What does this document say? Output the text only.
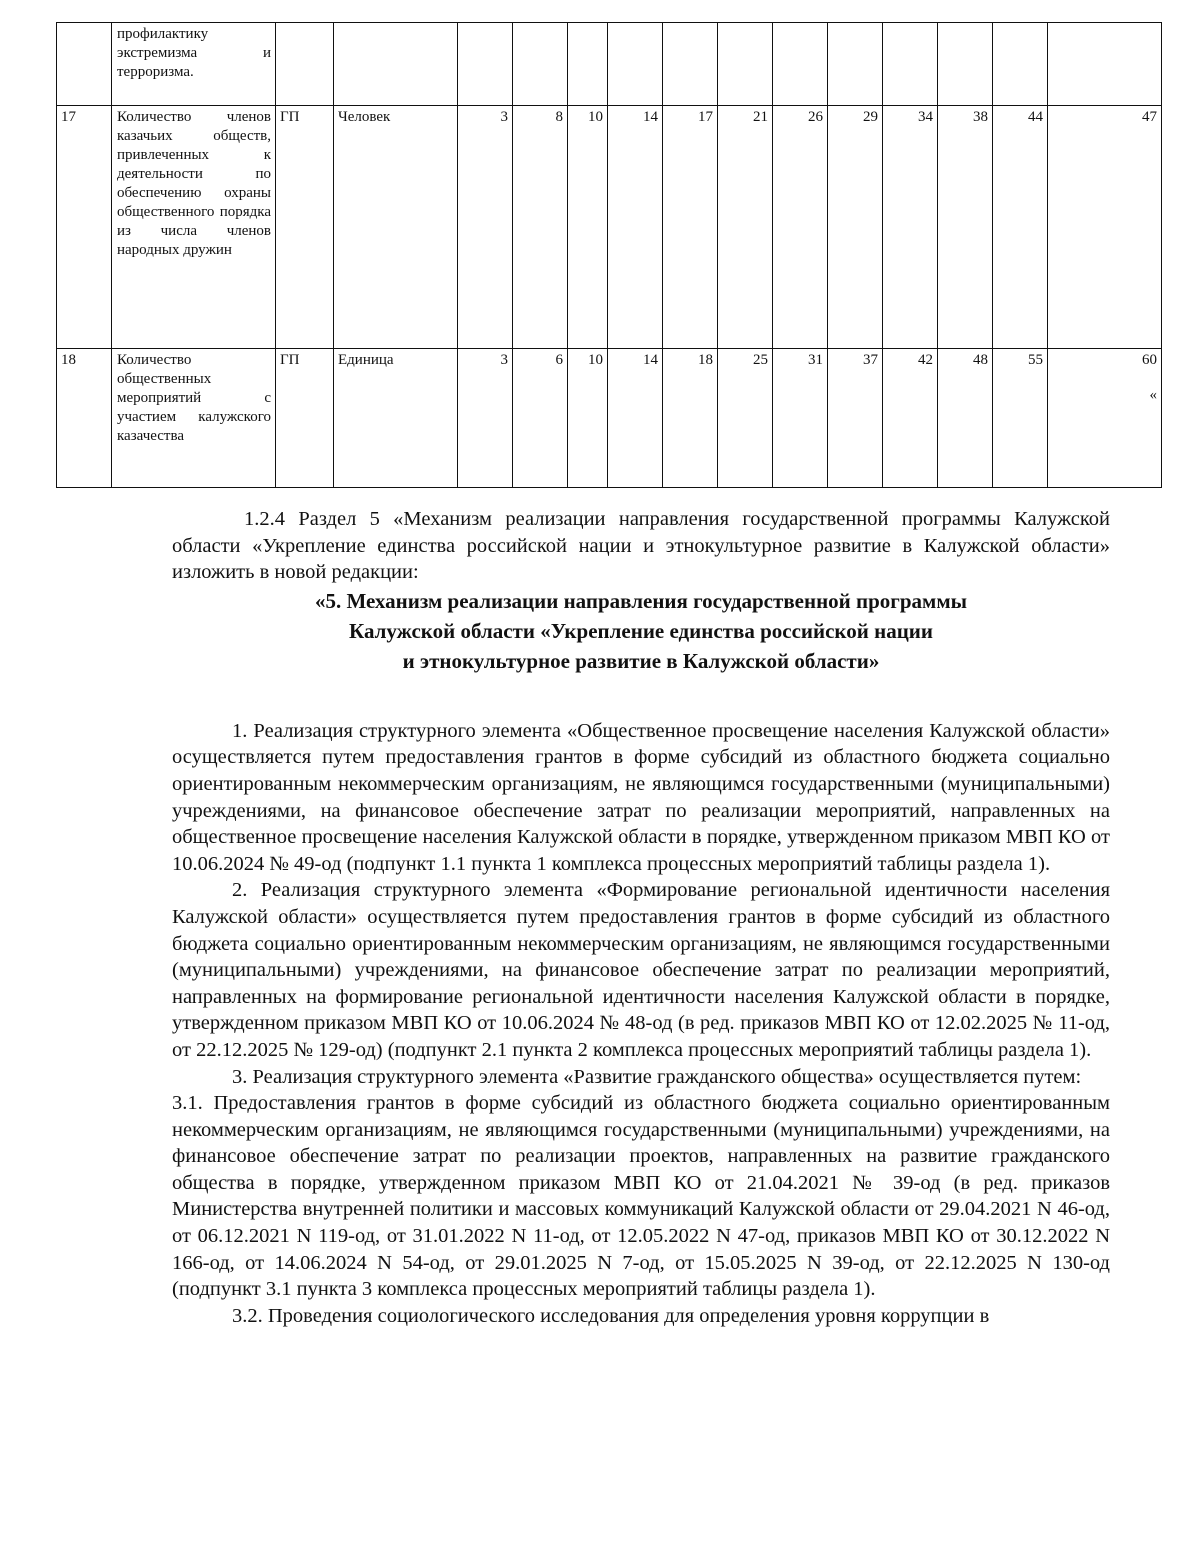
	профилактику экстремизма и терроризма.														
17	Количество членов казачьих обществ, привлеченных к деятельности по обеспечению охраны общественного порядка из числа членов народных дружин	ГП	Человек	3	8	10	14	17	21	26	29	34	38	44	47
18	Количество общественных мероприятий с участием калужского казачества	ГП	Единица	3	6	10	14	18	25	31	37	42	48	55	60
«

1.2.4 Раздел 5 «Механизм реализации направления государственной программы Калужской области «Укрепление единства российской нации и этнокультурное развитие в Калужской области» изложить в новой редакции:

«5. Механизм реализации направления государственной программы

Калужской области «Укрепление единства российской нации

и этнокультурное развитие в Калужской области»

1. Реализация структурного элемента «Общественное просвещение населения Калужской области» осуществляется путем предоставления грантов в форме субсидий из областного бюджета социально ориентированным некоммерческим организациям, не являющимся государственными (муниципальными) учреждениями, на финансовое обеспечение затрат по реализации мероприятий, направленных на общественное просвещение населения Калужской области в порядке, утвержденном приказом МВП КО от 10.06.2024 № 49-од (подпункт 1.1 пункта 1 комплекса процессных мероприятий таблицы раздела 1).

2. Реализация структурного элемента «Формирование региональной идентичности населения Калужской области» осуществляется путем предоставления грантов в форме субсидий из областного бюджета социально ориентированным некоммерческим организациям, не являющимся государственными (муниципальными) учреждениями, на финансовое обеспечение затрат по реализации мероприятий, направленных на формирование региональной идентичности населения Калужской области в порядке, утвержденном приказом МВП КО от 10.06.2024 № 48-од (в ред. приказов МВП КО от 12.02.2025 № 11-од, от 22.12.2025 № 129-од) (подпункт 2.1 пункта 2 комплекса процессных мероприятий таблицы раздела 1).

3. Реализация структурного элемента «Развитие гражданского общества» осуществляется путем:

3.1. Предоставления грантов в форме субсидий из областного бюджета социально ориентированным некоммерческим организациям, не являющимся государственными (муниципальными) учреждениями, на финансовое обеспечение затрат по реализации проектов, направленных на развитие гражданского общества в порядке, утвержденном приказом МВП КО от 21.04.2021 № 39-од (в ред. приказов Министерства внутренней политики и массовых коммуникаций Калужской области от 29.04.2021 N 46-од, от 06.12.2021 N 119-од, от 31.01.2022 N 11-од, от 12.05.2022 N 47-од, приказов МВП КО от 30.12.2022 N 166-од, от 14.06.2024 N 54-од, от 29.01.2025 N 7-од, от 15.05.2025 N 39-од, от 22.12.2025 N 130-од (подпункт 3.1 пункта 3 комплекса процессных мероприятий таблицы раздела 1).

3.2. Проведения социологического исследования для определения уровня коррупции в
